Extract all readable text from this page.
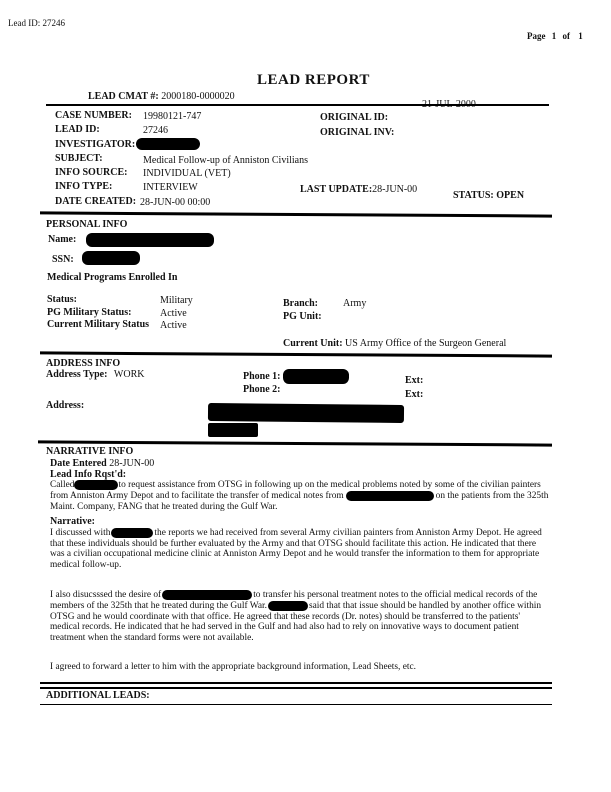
Lead ID: 27246
Page 1 of 1
LEAD REPORT
LEAD CMAT #: 2000180-0000020
CASE NUMBER: 19980121-747	ORIGINAL ID:
LEAD ID:	27246	ORIGINAL INV:
INVESTIGATOR:
SUBJECT:	Medical Follow-up of Anniston Civilians
INFO SOURCE: INDIVIDUAL (VET)
INFO TYPE:	INTERVIEW	LAST UPDATE:28-JUN-00
STATUS: OPEN
DATE CREATED: 28-JUN-00 00:00
PERSONAL INFO
Name:
SSN:
Medical Programs Enrolled In
Status:	Military
PG Military Status:	Active
Current Military Status Active
Branch:	Army
PG Unit:
Current Unit: US Army Office of the Surgeon General
ADDRESS INFO
Address Type: WORK	Phone 1:
Phone 2:
Ext:
Ext:
Address:
NARRATIVE INFO
Date Entered 28-JUN-00
Lead Info Rqst'd:
Called	to request assistance from OTSG in following up on the medical problems noted by some of the civilian painters from Anniston Army Depot and to facilitate the transfer of medical notes from	on the patients from the 325th Maint. Company, FANG that he treated during the Gulf War.
Narrative:
I discussed with	the reports we had received from several Army civilian painters from Anniston Army Depot. He agreed that these individuals should be further evaluated by the Army and that OTSG should facilitate this action. He indicated that there was a civilian occupational medicine clinic at Anniston Army Depot and he would transfer the information to them for appropriate medical follow-up.
I also disucsssed the desire of	to transfer his personal treatment notes to the official medical records of the members of the 325th that he treated during the Gulf War.	said that that issue should be handled by another office within OTSG and he would coordinate with that office. He agreed that these records (Dr. notes) should be transferred to the patients' medical records. He indicated that he had served in the Gulf and had also had to rely on innovative ways to document patient treatment when the standard forms were not available.
I agreed to forward a letter to him with the appropriate background information, Lead Sheets, etc.
ADDITIONAL LEADS:
